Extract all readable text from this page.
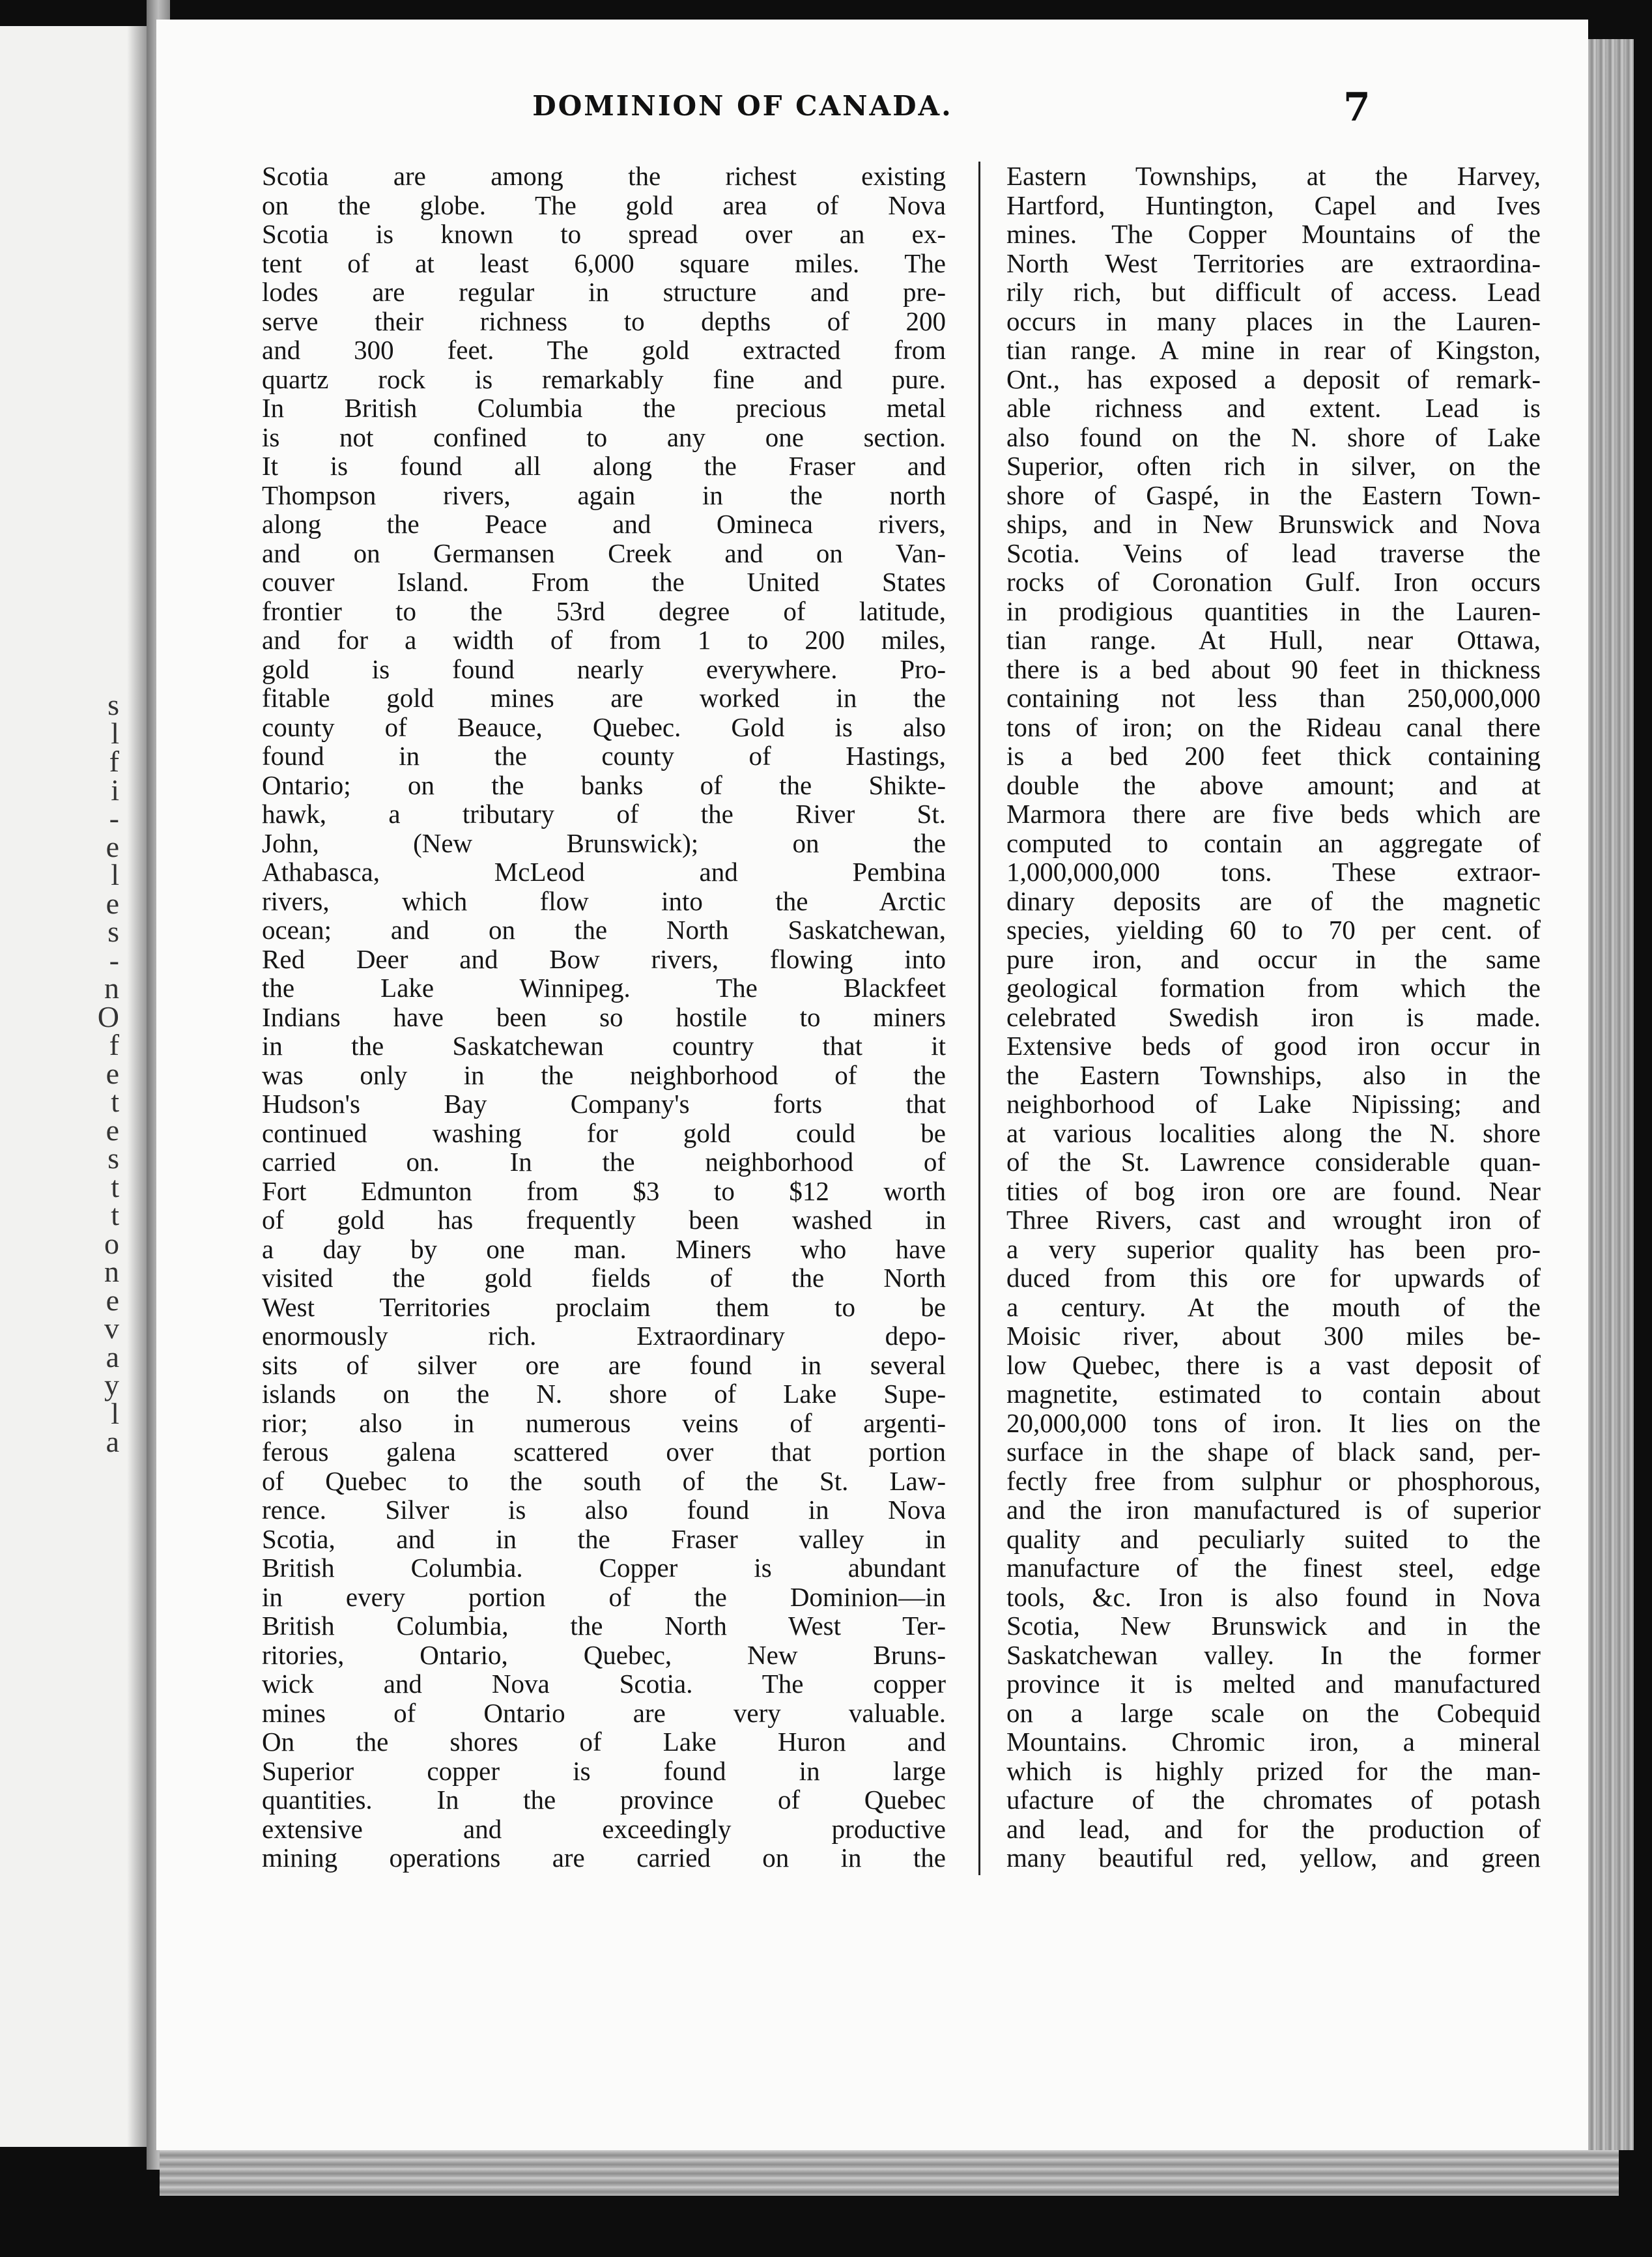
s
l
f
i
-
e
l
e
s
-
n
O
f
e
t
e
s
t
t
o
n
e
v
a
y
l
a
DOMINION OF CANADA.	7
Scotia are among the richest existing
on the globe. The gold area of Nova
Scotia is known to spread over an ex-
tent of at least 6,000 square miles. The
lodes are regular in structure and pre-
serve their richness to depths of 200
and 300 feet. The gold extracted from
quartz rock is remarkably fine and pure.
In British Columbia the precious metal
is not confined to any one section.
It is found all along the Fraser and
Thompson rivers, again in the north
along the Peace and Omineca rivers,
and on Germansen Creek and on Van-
couver Island. From the United States
frontier to the 53rd degree of latitude,
and for a width of from 1 to 200 miles,
gold is found nearly everywhere. Pro-
fitable gold mines are worked in the
county of Beauce, Quebec. Gold is also
found in the county of Hastings,
Ontario; on the banks of the Shikte-
hawk, a tributary of the River St.
John, (New Brunswick); on the
Athabasca, McLeod and Pembina
rivers, which flow into the Arctic
ocean; and on the North Saskatchewan,
Red Deer and Bow rivers, flowing into
the Lake Winnipeg. The Blackfeet
Indians have been so hostile to miners
in the Saskatchewan country that it
was only in the neighborhood of the
Hudson's Bay Company's forts that
continued washing for gold could be
carried on. In the neighborhood of
Fort Edmunton from $3 to $12 worth
of gold has frequently been washed in
a day by one man. Miners who have
visited the gold fields of the North
West Territories proclaim them to be
enormously rich. Extraordinary depo-
sits of silver ore are found in several
islands on the N. shore of Lake Supe-
rior; also in numerous veins of argenti-
ferous galena scattered over that portion
of Quebec to the south of the St. Law-
rence. Silver is also found in Nova
Scotia, and in the Fraser valley in
British Columbia. Copper is abundant
in every portion of the Dominion—in
British Columbia, the North West Ter-
ritories, Ontario, Quebec, New Bruns-
wick and Nova Scotia. The copper
mines of Ontario are very valuable.
On the shores of Lake Huron and
Superior copper is found in large
quantities. In the province of Quebec
extensive and exceedingly productive
mining operations are carried on in the
Eastern Townships, at the Harvey,
Hartford, Huntington, Capel and Ives
mines. The Copper Mountains of the
North West Territories are extraordina-
rily rich, but difficult of access. Lead
occurs in many places in the Lauren-
tian range. A mine in rear of Kingston,
Ont., has exposed a deposit of remark-
able richness and extent. Lead is
also found on the N. shore of Lake
Superior, often rich in silver, on the
shore of Gaspé, in the Eastern Town-
ships, and in New Brunswick and Nova
Scotia. Veins of lead traverse the
rocks of Coronation Gulf. Iron occurs
in prodigious quantities in the Lauren-
tian range. At Hull, near Ottawa,
there is a bed about 90 feet in thickness
containing not less than 250,000,000
tons of iron; on the Rideau canal there
is a bed 200 feet thick containing
double the above amount; and at
Marmora there are five beds which are
computed to contain an aggregate of
1,000,000,000 tons. These extraor-
dinary deposits are of the magnetic
species, yielding 60 to 70 per cent. of
pure iron, and occur in the same
geological formation from which the
celebrated Swedish iron is made.
Extensive beds of good iron occur in
the Eastern Townships, also in the
neighborhood of Lake Nipissing; and
at various localities along the N. shore
of the St. Lawrence considerable quan-
tities of bog iron ore are found. Near
Three Rivers, cast and wrought iron of
a very superior quality has been pro-
duced from this ore for upwards of
a century. At the mouth of the
Moisic river, about 300 miles be-
low Quebec, there is a vast deposit of
magnetite, estimated to contain about
20,000,000 tons of iron. It lies on the
surface in the shape of black sand, per-
fectly free from sulphur or phosphorous,
and the iron manufactured is of superior
quality and peculiarly suited to the
manufacture of the finest steel, edge
tools, &c. Iron is also found in Nova
Scotia, New Brunswick and in the
Saskatchewan valley. In the former
province it is melted and manufactured
on a large scale on the Cobequid
Mountains. Chromic iron, a mineral
which is highly prized for the man-
ufacture of the chromates of potash
and lead, and for the production of
many beautiful red, yellow, and green
